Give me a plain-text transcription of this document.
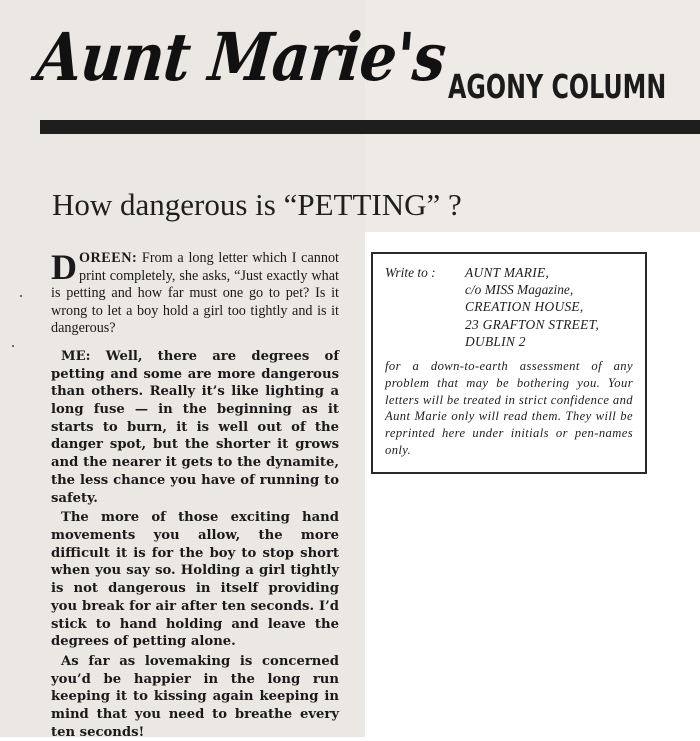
Aunt Marie's AGONY COLUMN
How dangerous is “PETTING” ?

DOREEN: From a long letter which I cannot print completely, she asks, “Just exactly what is petting and how far must one go to pet? Is it wrong to let a boy hold a girl too tightly and is it dangerous?

ME: Well, there are degrees of petting and some are more dangerous than others. Really it’s like lighting a long fuse — in the beginning as it starts to burn, it is well out of the danger spot, but the shorter it grows and the nearer it gets to the dynamite, the less chance you have of running to safety.

The more of those exciting hand movements you allow, the more difficult it is for the boy to stop short when you say so. Holding a girl tightly is not dangerous in itself providing you break for air after ten seconds. I’d stick to hand holding and leave the degrees of petting alone.

As far as lovemaking is concerned you’d be happier in the long run keeping it to kissing again keeping in mind that you need to breathe every ten seconds!

Write to :	AUNT MARIE,
c/o MISS Magazine,
CREATION HOUSE,
23 GRAFTON STREET,
DUBLIN 2
for a down-to-earth assessment of any problem that may be bothering you. Your letters will be treated in strict confidence and Aunt Marie only will read them. They will be reprinted here under initials or pen-names only.
